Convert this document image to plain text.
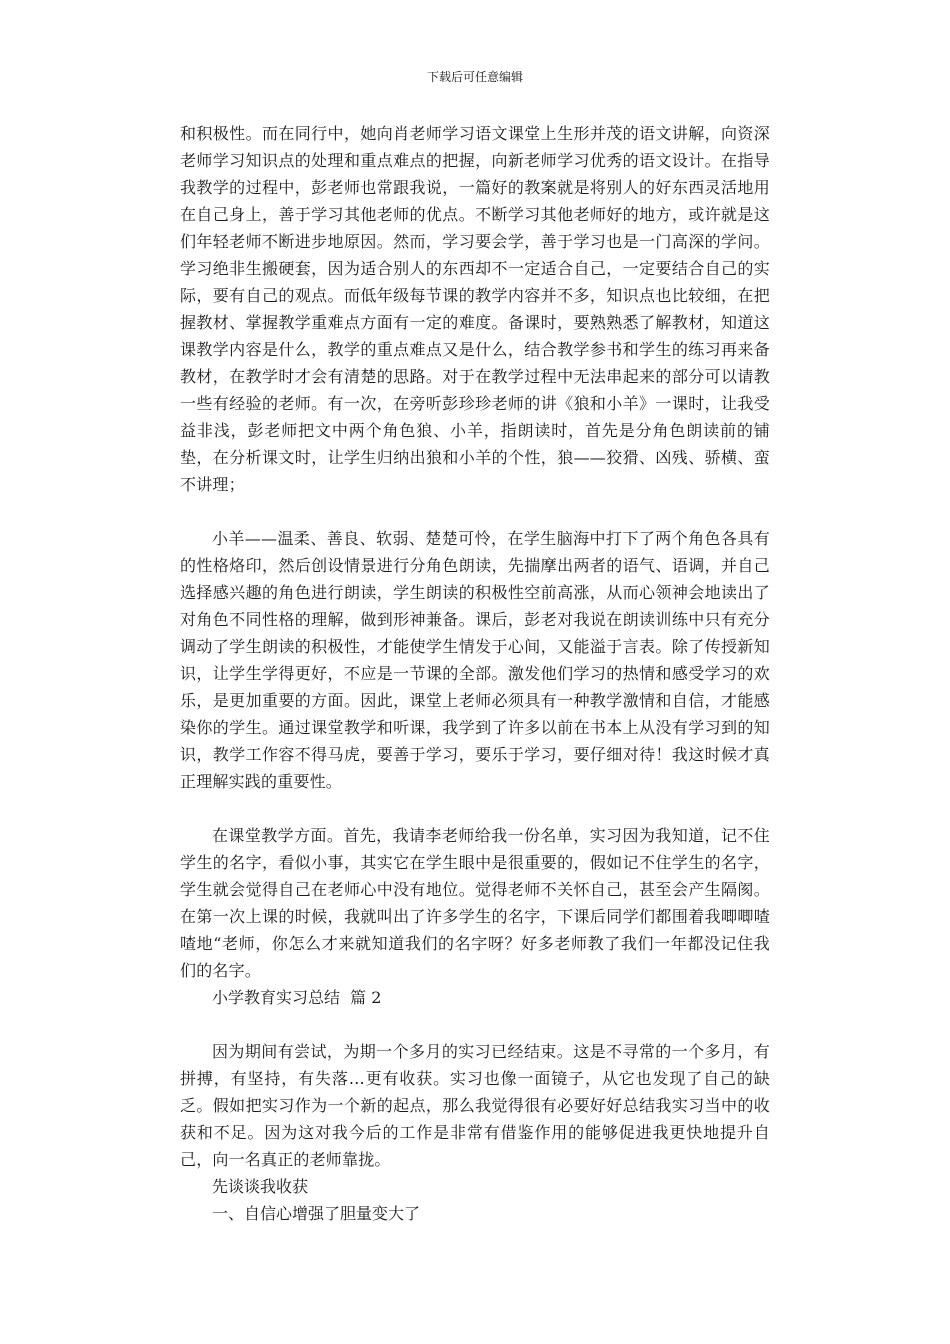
下载后可任意编辑

和积极性。而在同行中，她向肖老师学习语文课堂上生形并茂的语文讲解，向资深老师学习知识点的处理和重点难点的把握，向新老师学习优秀的语文设计。在指导我教学的过程中，彭老师也常跟我说，一篇好的教案就是将别人的好东西灵活地用在自己身上，善于学习其他老师的优点。不断学习其他老师好的地方，或许就是这们年轻老师不断进步地原因。然而，学习要会学，善于学习也是一门高深的学问。学习绝非生搬硬套，因为适合别人的东西却不一定适合自己，一定要结合自己的实际，要有自己的观点。而低年级每节课的教学内容并不多，知识点也比较细，在把握教材、掌握教学重难点方面有一定的难度。备课时，要熟熟悉了解教材，知道这课教学内容是什么，教学的重点难点又是什么，结合教学参书和学生的练习再来备教材，在教学时才会有清楚的思路。对于在教学过程中无法串起来的部分可以请教一些有经验的老师。有一次，在旁听彭珍珍老师的讲《狼和小羊》一课时，让我受益非浅，彭老师把文中两个角色狼、小羊，指朗读时，首先是分角色朗读前的铺垫，在分析课文时，让学生归纳出狼和小羊的个性，狼——狡猾、凶残、骄横、蛮不讲理；

小羊——温柔、善良、软弱、楚楚可怜，在学生脑海中打下了两个角色各具有的性格烙印，然后创设情景进行分角色朗读，先揣摩出两者的语气、语调，并自己选择感兴趣的角色进行朗读，学生朗读的积极性空前高涨，从而心领神会地读出了对角色不同性格的理解，做到形神兼备。课后，彭老对我说在朗读训练中只有充分调动了学生朗读的积极性，才能使学生情发于心间，又能溢于言表。除了传授新知识，让学生学得更好，不应是一节课的全部。激发他们学习的热情和感受学习的欢乐，是更加重要的方面。因此，课堂上老师必须具有一种教学激情和自信，才能感染你的学生。通过课堂教学和听课，我学到了许多以前在书本上从没有学习到的知识，教学工作容不得马虎，要善于学习，要乐于学习，要仔细对待！我这时候才真正理解实践的重要性。

在课堂教学方面。首先，我请李老师给我一份名单，实习因为我知道，记不住学生的名字，看似小事，其实它在学生眼中是很重要的，假如记不住学生的名字，学生就会觉得自己在老师心中没有地位。觉得老师不关怀自己，甚至会产生隔阂。在第一次上课的时候，我就叫出了许多学生的名字，下课后同学们都围着我唧唧喳喳地“老师，你怎么才来就知道我们的名字呀？好多老师教了我们一年都没记住我们的名字。

小学教育实习总结  篇 2

因为期间有尝试，为期一个多月的实习已经结束。这是不寻常的一个多月，有拼搏，有坚持，有失落…更有收获。实习也像一面镜子，从它也发现了自己的缺乏。假如把实习作为一个新的起点，那么我觉得很有必要好好总结我实习当中的收获和不足。因为这对我今后的工作是非常有借鉴作用的能够促进我更快地提升自己，向一名真正的老师靠拢。

先谈谈我收获

一、自信心增强了胆量变大了
